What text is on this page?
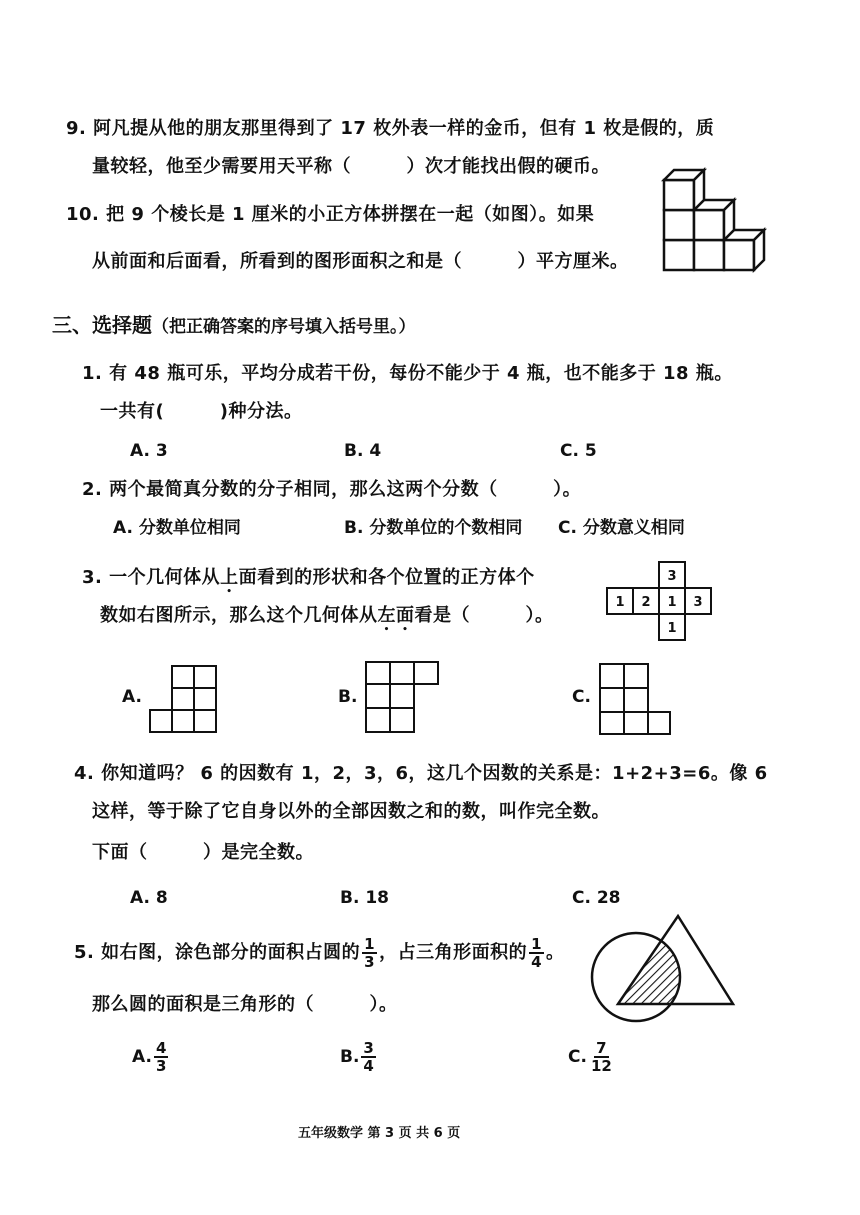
9. 阿凡提从他的朋友那里得到了 17 枚外表一样的金币，但有 1 枚是假的，质
量较轻，他至少需要用天平称（　　　）次才能找出假的硬币。
10. 把 9 个棱长是 1 厘米的小正方体拼摆在一起（如图）。如果
从前面和后面看，所看到的图形面积之和是（　　　）平方厘米。
三、选择题（把正确答案的序号填入括号里。）
1. 有 48 瓶可乐，平均分成若干份，每份不能少于 4 瓶，也不能多于 18 瓶。
一共有(　　　)种分法。
A. 3	B. 4	C. 5
2. 两个最简真分数的分子相同，那么这两个分数（　　　）。
A. 分数单位相同	B. 分数单位的个数相同 C. 分数意义相同
3. 一个几何体从上面看到的形状和各个位置的正方体个
数如右图所示，那么这个几何体从左面看是（　　　）。
3
1 2 1 3
1
A.	B.	C.
4. 你知道吗？ 6 的因数有 1，2，3，6，这几个因数的关系是：1+2+3=6。像 6
这样，等于除了它自身以外的全部因数之和的数，叫作完全数。
下面（　　　）是完全数。
A. 8	B. 18	C. 28
5. 如右图，涂色部分的面积占圆的 $\frac{1}{3}$ ，占三角形面积的 $\frac{1}{4}$ 。
那么圆的面积是三角形的（　　　）。
A. $\frac{4}{3}$	B. $\frac{3}{4}$	C. $\frac{7}{12}$
五年级数学 第 3 页 共 6 页
